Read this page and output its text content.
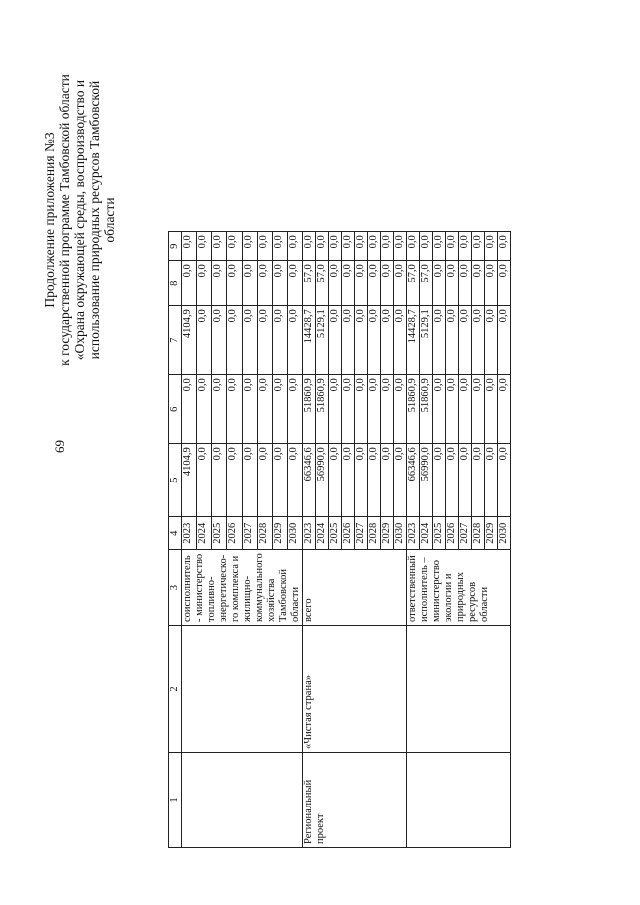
69
Продолжение приложения №3 к государственной программе Тамбовской области «Охрана окружающей среды, воспроизводство и использование природных ресурсов Тамбовской области
1	2	3	4	5	6	7	8	9
		соисполнитель - министерство топливно-энергетическо-го комплекса и жилищно-коммунального хозяйства Тамбовской области	2023	4104,9	0,0	4104,9	0,0	0,0
			2024	0,0	0,0	0,0	0,0	0,0
			2025	0,0	0,0	0,0	0,0	0,0
			2026	0,0	0,0	0,0	0,0	0,0
			2027	0,0	0,0	0,0	0,0	0,0
			2028	0,0	0,0	0,0	0,0	0,0
			2029	0,0	0,0	0,0	0,0	0,0
			2030	0,0	0,0	0,0	0,0	0,0
Региональный проект	«Чистая страна»	всего	2023	66346,6	51860,9	14428,7	57,0	0,0
			2024	56990,0	51860,9	5129,1	57,0	0,0
			2025	0,0	0,0	0,0	0,0	0,0
			2026	0,0	0,0	0,0	0,0	0,0
			2027	0,0	0,0	0,0	0,0	0,0
			2028	0,0	0,0	0,0	0,0	0,0
			2029	0,0	0,0	0,0	0,0	0,0
			2030	0,0	0,0	0,0	0,0	0,0
		ответственный исполнитель – министерство экологии и природных ресурсов области	2023	66346,6	51860,9	14428,7	57,0	0,0
			2024	56990,0	51860,9	5129,1	57,0	0,0
			2025	0,0	0,0	0,0	0,0	0,0
			2026	0,0	0,0	0,0	0,0	0,0
			2027	0,0	0,0	0,0	0,0	0,0
			2028	0,0	0,0	0,0	0,0	0,0
			2029	0,0	0,0	0,0	0,0	0,0
			2030	0,0	0,0	0,0	0,0	0,0
